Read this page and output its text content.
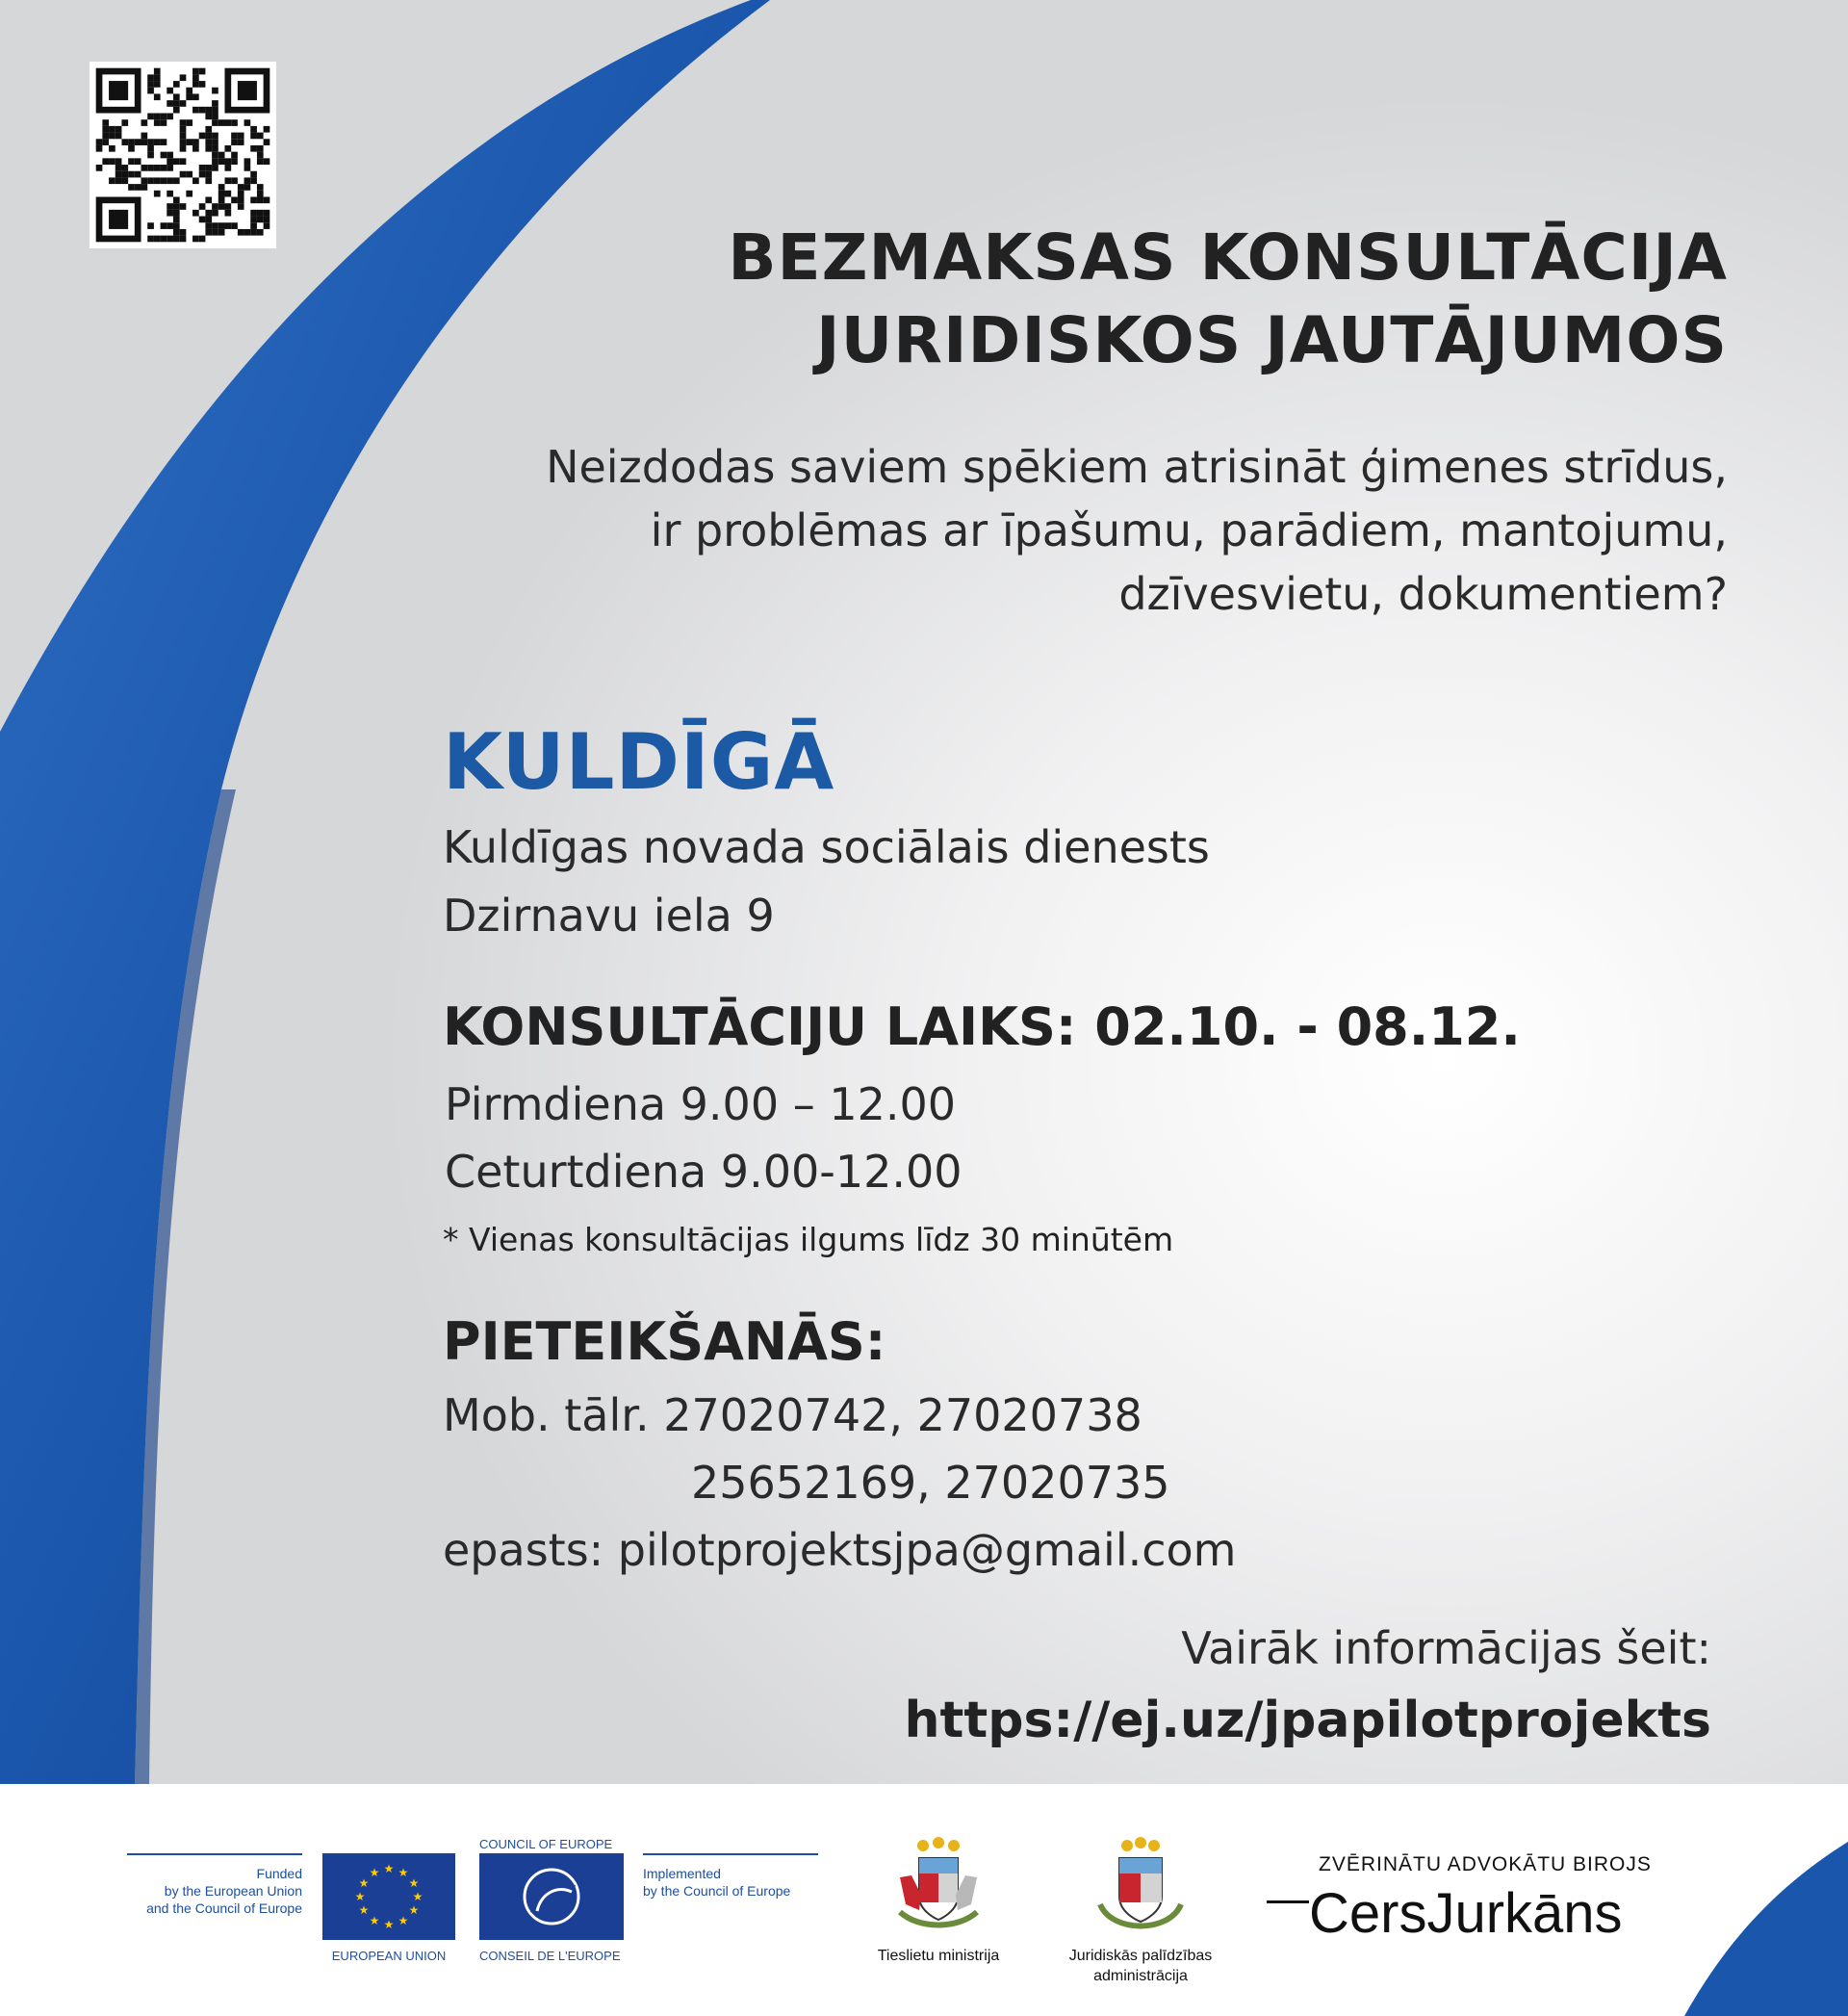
BEZMAKSAS KONSULTĀCIJA
JURIDISKOS JAUTĀJUMOS
Neizdodas saviem spēkiem atrisināt ģimenes strīdus,
ir problēmas ar īpašumu, parādiem, mantojumu,
dzīvesvietu, dokumentiem?
KULDĪGĀ
Kuldīgas novada sociālais dienests
Dzirnavu iela 9
KONSULTĀCIJU LAIKS: 02.10. - 08.12.
Pirmdiena 9.00 – 12.00
Ceturtdiena 9.00-12.00
* Vienas konsultācijas ilgums līdz 30 minūtēm
PIETEIKŠANĀS:
Mob. tālr. 27020742, 27020738
25652169, 27020735
epasts: pilotprojektsjpa@gmail.com
Vairāk informācijas šeit:
https://ej.uz/jpapilotprojekts
Funded
by the European Union
and the Council of Europe
★ ★
★
★
★
★
★
★
★
★
★
★
EUROPEAN UNION
COUNCIL OF EUROPE
CONSEIL DE L'EUROPE
Implemented
by the Council of Europe
Tieslietu ministrija	Juridiskās palīdzības
administrācija
ZVĒRINĀTU ADVOKĀTU BIROJS
CersJurkāns
